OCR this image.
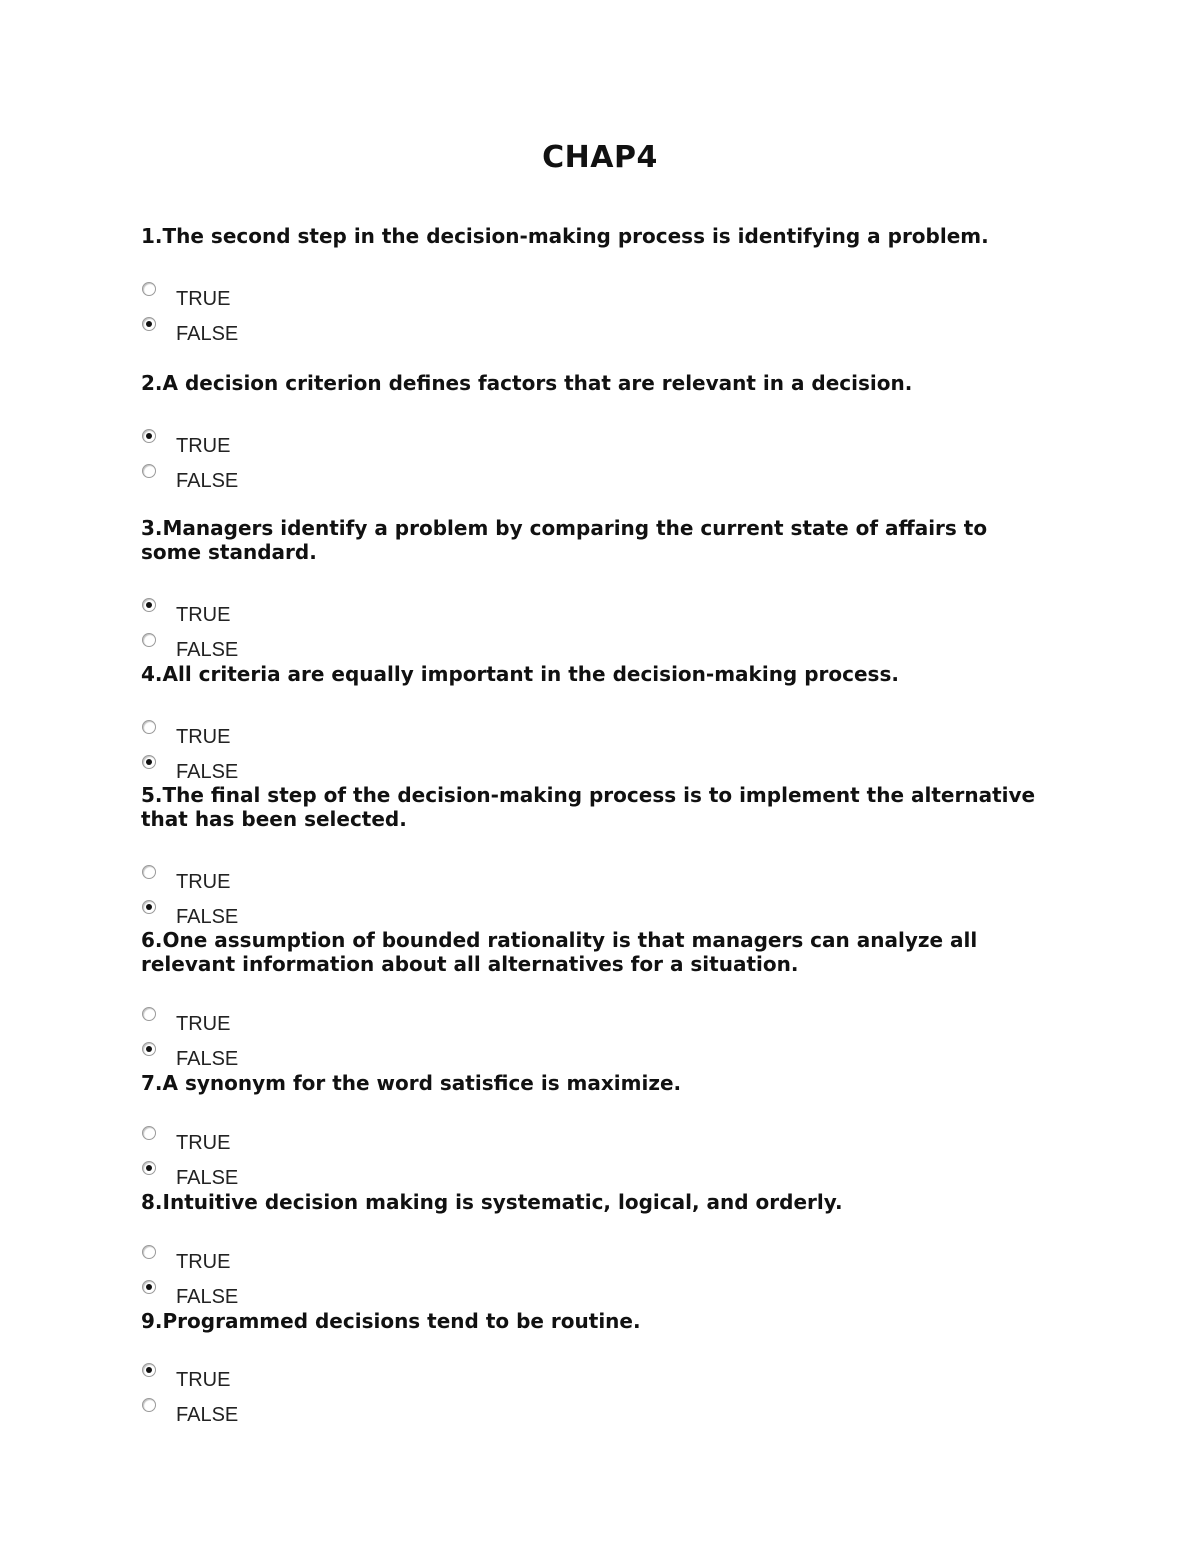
CHAP4
1.The second step in the decision-making process is identifying a problem.
TRUE
FALSE
2.A decision criterion defines factors that are relevant in a decision.
TRUE
FALSE
3.Managers identify a problem by comparing the current state of affairs to some standard.
TRUE
FALSE
4.All criteria are equally important in the decision-making process.
TRUE
FALSE
5.The final step of the decision-making process is to implement the alternative that has been selected.
TRUE
FALSE
6.One assumption of bounded rationality is that managers can analyze all relevant information about all alternatives for a situation.
TRUE
FALSE
7.A synonym for the word satisfice is maximize.
TRUE
FALSE
8.Intuitive decision making is systematic, logical, and orderly.
TRUE
FALSE
9.Programmed decisions tend to be routine.
TRUE
FALSE
